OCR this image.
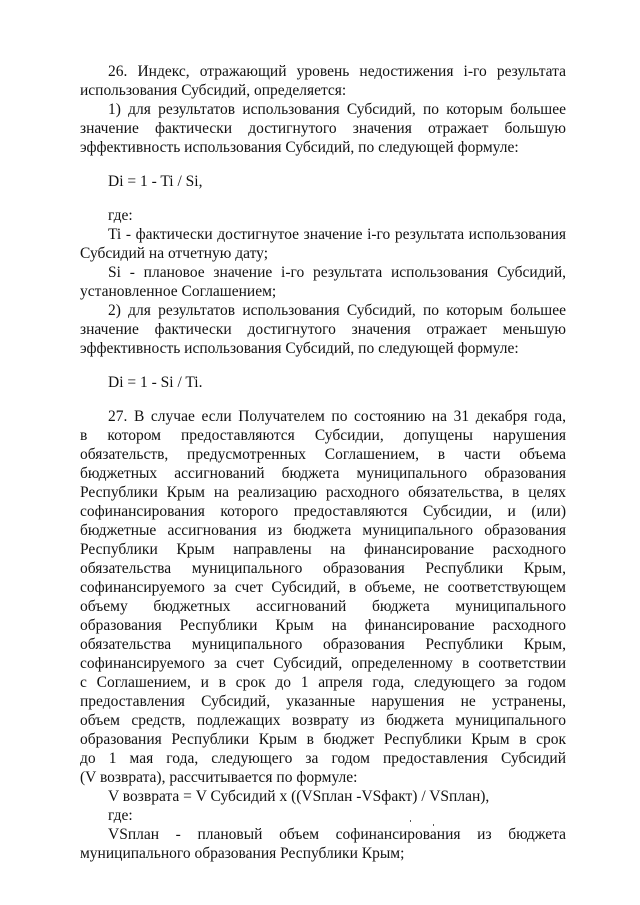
26. Индекс, отражающий уровень недостижения i-го результата
использования Субсидий, определяется:
1) для результатов использования Субсидий, по которым большее
значение фактически достигнутого значения отражает большую
эффективность использования Субсидий, по следующей формуле:
Di = 1 - Ti / Si,
где:
Ti - фактически достигнутое значение i-го результата использования
Субсидий на отчетную дату;
Si - плановое значение i-го результата использования Субсидий,
установленное Соглашением;
2) для результатов использования Субсидий, по которым большее
значение фактически достигнутого значения отражает меньшую
эффективность использования Субсидий, по следующей формуле:
Di = 1 - Si / Ti.
27. В случае если Получателем по состоянию на 31 декабря года,
в котором предоставляются Субсидии, допущены нарушения
обязательств, предусмотренных Соглашением, в части объема
бюджетных ассигнований бюджета муниципального образования
Республики Крым на реализацию расходного обязательства, в целях
софинансирования которого предоставляются Субсидии, и (или)
бюджетные ассигнования из бюджета муниципального образования
Республики Крым направлены на финансирование расходного
обязательства муниципального образования Республики Крым,
софинансируемого за счет Субсидий, в объеме, не соответствующем
объему бюджетных ассигнований бюджета муниципального
образования Республики Крым на финансирование расходного
обязательства муниципального образования Республики Крым,
софинансируемого за счет Субсидий, определенному в соответствии
с Соглашением, и в срок до 1 апреля года, следующего за годом
предоставления Субсидий, указанные нарушения не устранены,
объем средств, подлежащих возврату из бюджета муниципального
образования Республики Крым в бюджет Республики Крым в срок
до 1 мая года, следующего за годом предоставления Субсидий
(V возврата), рассчитывается по формуле:
V возврата = V Субсидий x ((VSплан -VSфакт) / VSплан),
где:
VSплан - плановый объем софинансирования из бюджета
муниципального образования Республики Крым;
